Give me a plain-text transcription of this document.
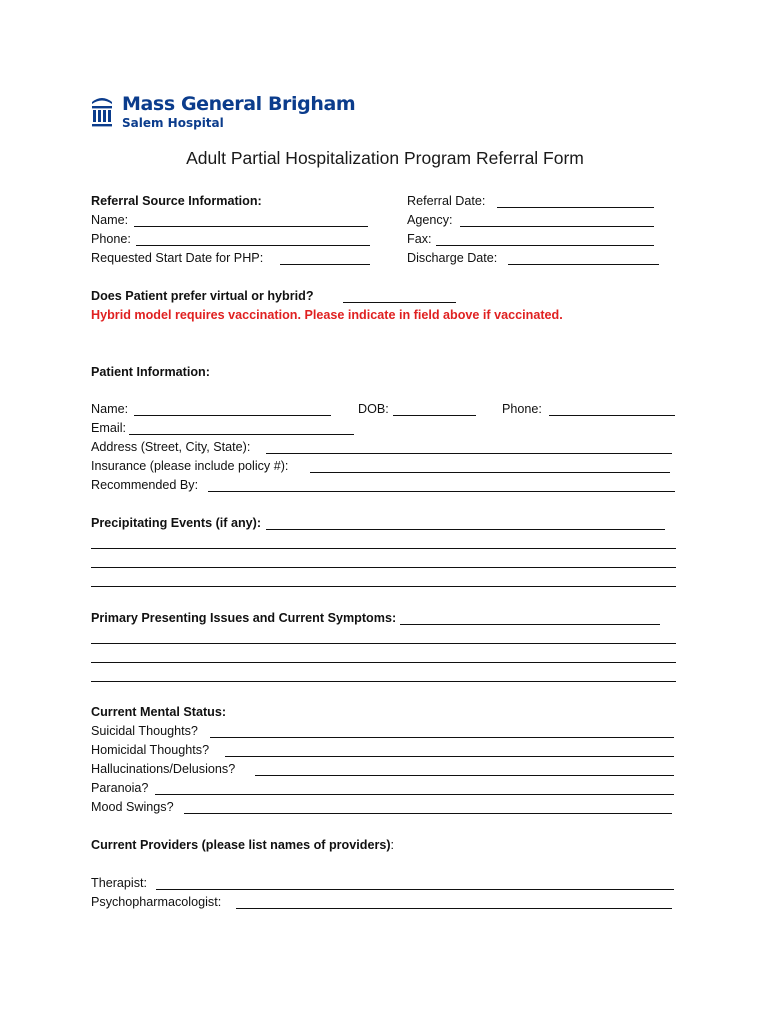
Mass General Brigham
Salem Hospital
Adult Partial Hospitalization Program Referral Form
Referral Source Information:
Name:
Phone:
Requested Start Date for PHP:
Referral Date:
Agency:
Fax:
Discharge Date:
Does Patient prefer virtual or hybrid?
Hybrid model requires vaccination. Please indicate in field above if vaccinated.
Patient Information:
Name:	DOB:	Phone:
Email:
Address (Street, City, State):
Insurance (please include policy #):
Recommended By:
Precipitating Events (if any):
Primary Presenting Issues and Current Symptoms:
Current Mental Status:
Suicidal Thoughts?
Homicidal Thoughts?
Hallucinations/Delusions?
Paranoia?
Mood Swings?
Current Providers (please list names of providers):
Therapist:
Psychopharmacologist:
